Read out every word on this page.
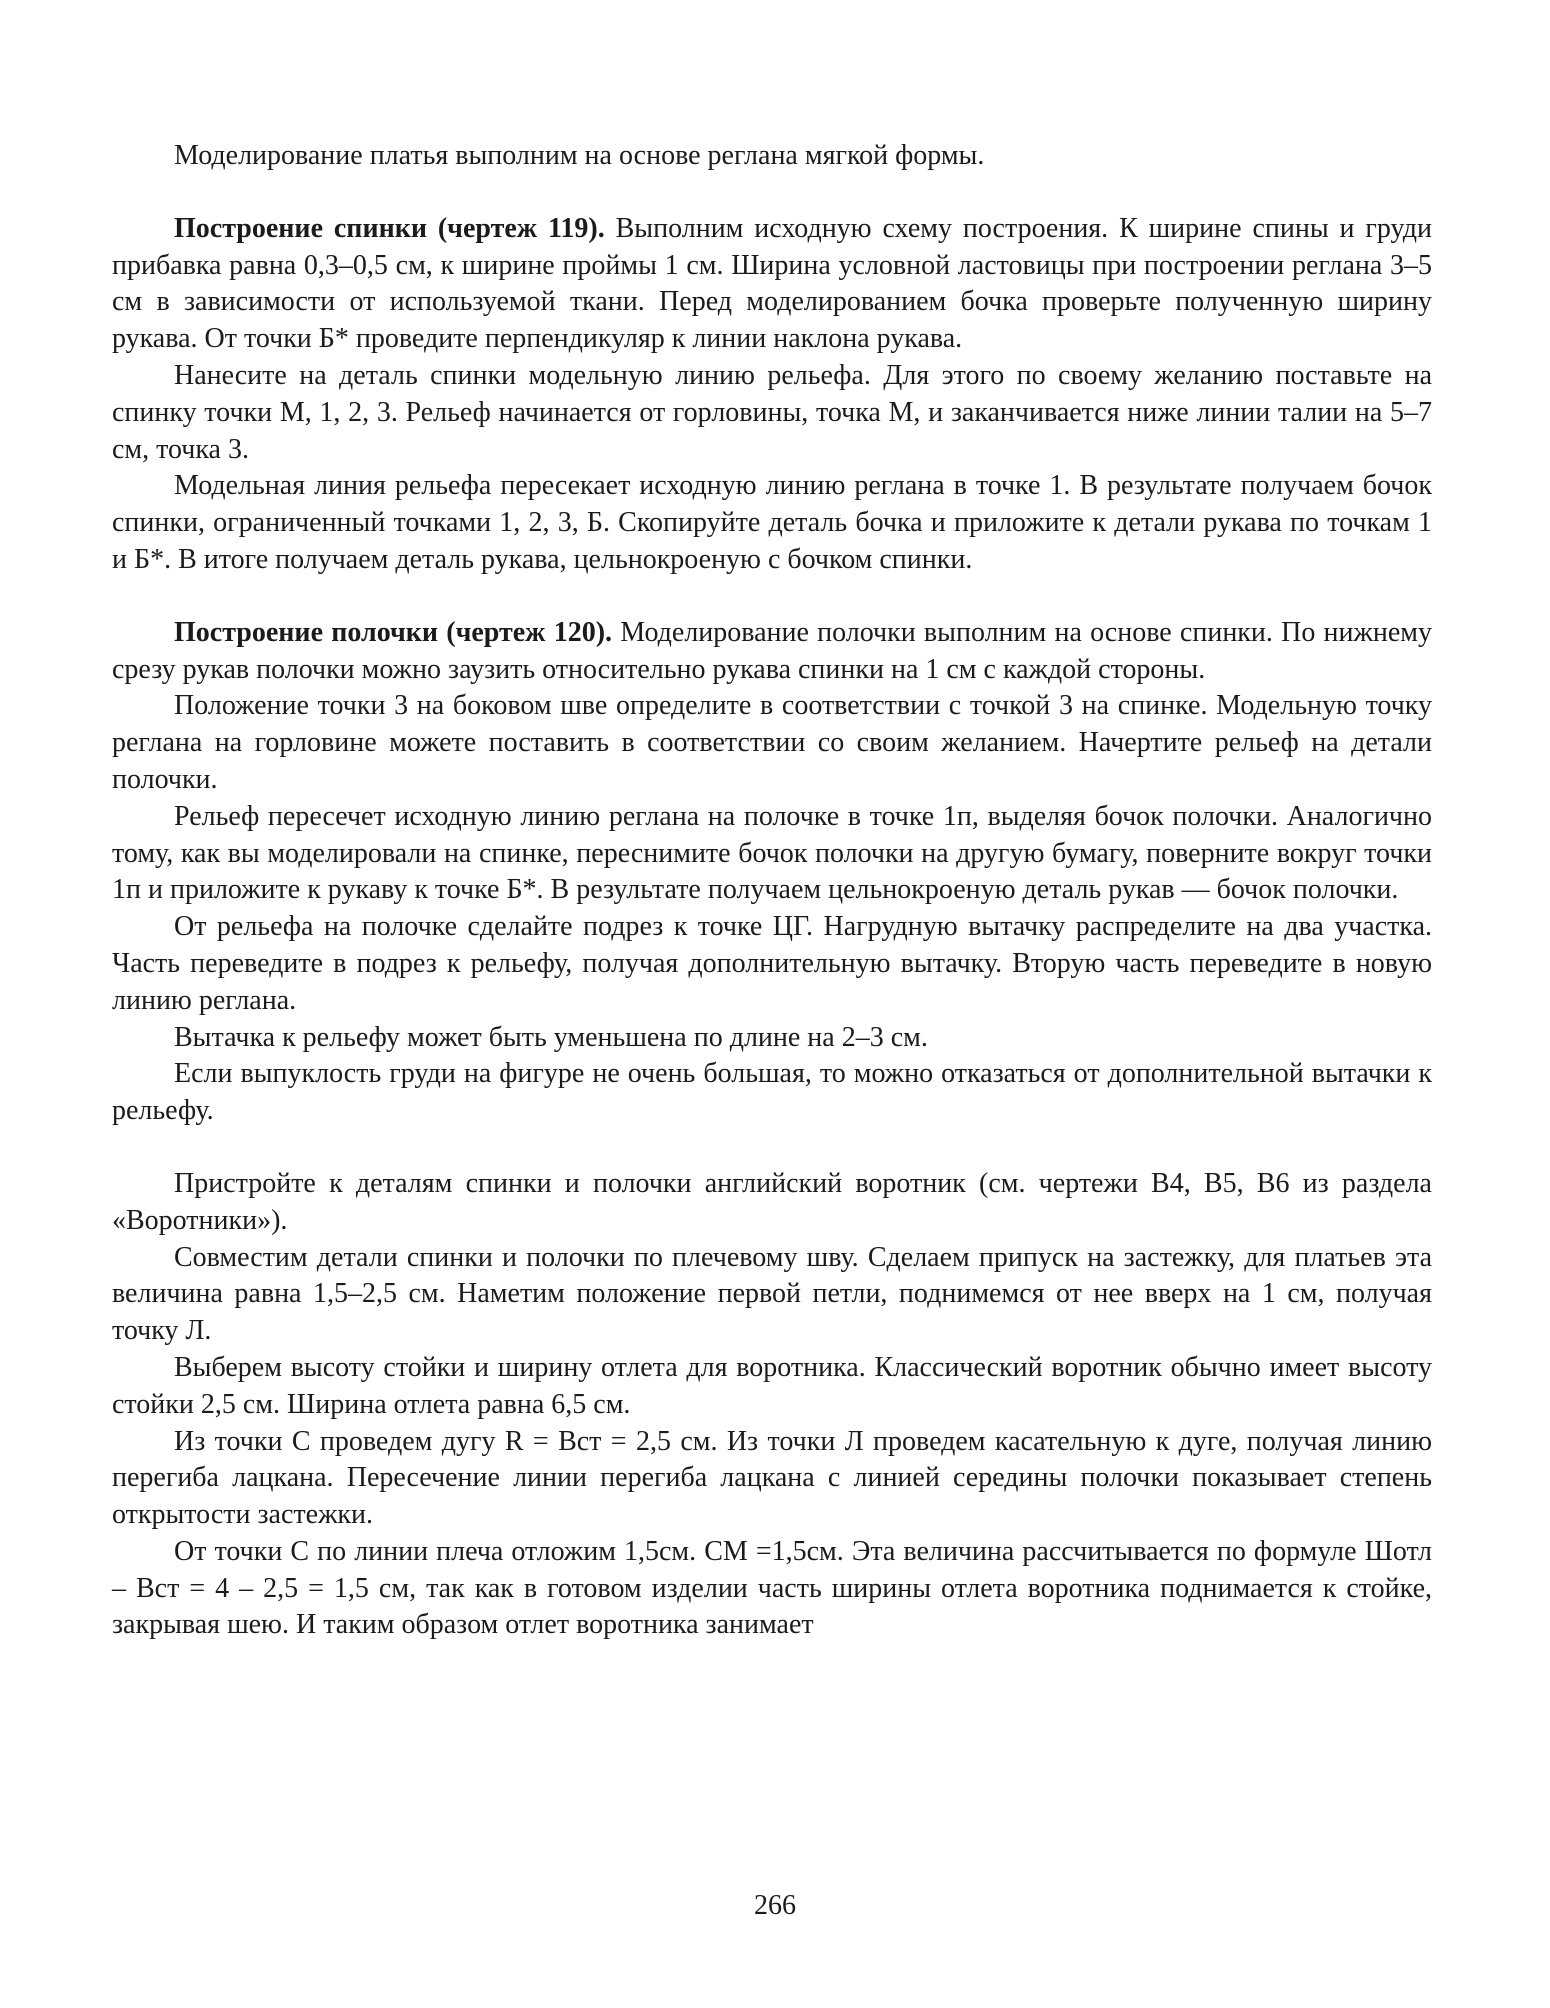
Моделирование платья выполним на основе реглана мягкой формы.

Построение спинки (чертеж 119). Выполним исходную схему построения. К ширине спины и груди прибавка равна 0,3–0,5 см, к ширине проймы 1 см. Ширина условной ластовицы при построении реглана 3–5 см в зависимости от используемой ткани. Перед моделированием бочка проверьте полученную ширину рукава. От точки Б* проведите перпендикуляр к линии наклона рукава.

Нанесите на деталь спинки модельную линию рельефа. Для этого по своему желанию поставьте на спинку точки М, 1, 2, 3. Рельеф начинается от горловины, точка М, и заканчивается ниже линии талии на 5–7 см, точка 3.

Модельная линия рельефа пересекает исходную линию реглана в точке 1. В результате получаем бочок спинки, ограниченный точками 1, 2, 3, Б. Скопируйте деталь бочка и приложите к детали рукава по точкам 1 и Б*. В итоге получаем деталь рукава, цельнокроеную с бочком спинки.

Построение полочки (чертеж 120). Моделирование полочки выполним на основе спинки. По нижнему срезу рукав полочки можно заузить относительно рукава спинки на 1 см с каждой стороны.

Положение точки 3 на боковом шве определите в соответствии с точкой 3 на спинке. Модельную точку реглана на горловине можете поставить в соответствии со своим желанием. Начертите рельеф на детали полочки.

Рельеф пересечет исходную линию реглана на полочке в точке 1п, выделяя бочок полочки. Аналогично тому, как вы моделировали на спинке, переснимите бочок полочки на другую бумагу, поверните вокруг точки 1п и приложите к рукаву к точке Б*. В результате получаем цельнокроеную деталь рукав — бочок полочки.

От рельефа на полочке сделайте подрез к точке ЦГ. Нагрудную вытачку распределите на два участка. Часть переведите в подрез к рельефу, получая дополнительную вытачку. Вторую часть переведите в новую линию реглана.

Вытачка к рельефу может быть уменьшена по длине на 2–3 см.

Если выпуклость груди на фигуре не очень большая, то можно отказаться от дополнительной вытачки к рельефу.

Пристройте к деталям спинки и полочки английский воротник (см. чертежи В4, В5, В6 из раздела «Воротники»).

Совместим детали спинки и полочки по плечевому шву. Сделаем припуск на застежку, для платьев эта величина равна 1,5–2,5 см. Наметим положение первой петли, поднимемся от нее вверх на 1 см, получая точку Л.

Выберем высоту стойки и ширину отлета для воротника. Классический воротник обычно имеет высоту стойки 2,5 см. Ширина отлета равна 6,5 см.

Из точки С проведем дугу R = Вст = 2,5 см. Из точки Л проведем касательную к дуге, получая линию перегиба лацкана. Пересечение линии перегиба лацкана с линией середины полочки показывает степень открытости застежки.

От точки С по линии плеча отложим 1,5см. СМ =1,5см. Эта величина рассчитывается по формуле Шотл – Вст = 4 – 2,5 = 1,5 см, так как в готовом изделии часть ширины отлета воротника поднимается к стойке, закрывая шею. И таким образом отлет воротника занимает

266
